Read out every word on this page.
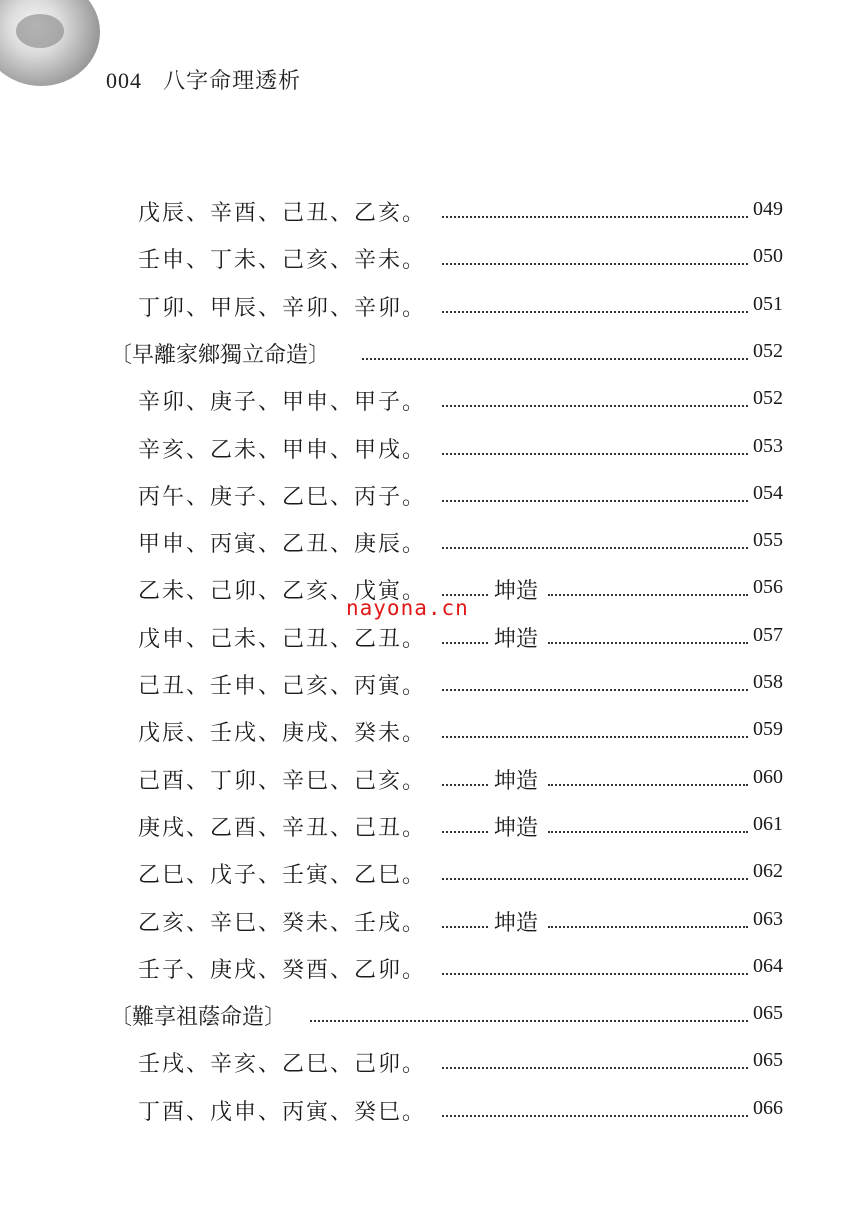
004 八字命理透析
戊辰、辛酉、己丑、乙亥。	049
壬申、丁未、己亥、辛未。	050
丁卯、甲辰、辛卯、辛卯。	051
〔早離家鄉獨立命造〕	052
辛卯、庚子、甲申、甲子。	052
辛亥、乙未、甲申、甲戌。	053
丙午、庚子、乙巳、丙子。	054
甲申、丙寅、乙丑、庚辰。	055
乙未、己卯、乙亥、戊寅。	坤造	056
戊申、己未、己丑、乙丑。	坤造	057
己丑、壬申、己亥、丙寅。	058
戊辰、壬戌、庚戌、癸未。	059
己酉、丁卯、辛巳、己亥。	坤造	060
庚戌、乙酉、辛丑、己丑。	坤造	061
乙巳、戊子、壬寅、乙巳。	062
乙亥、辛巳、癸未、壬戌。	坤造	063
壬子、庚戌、癸酉、乙卯。	064
〔難享祖蔭命造〕	065
壬戌、辛亥、乙巳、己卯。	065
丁酉、戊申、丙寅、癸巳。	066
nayona.cn
